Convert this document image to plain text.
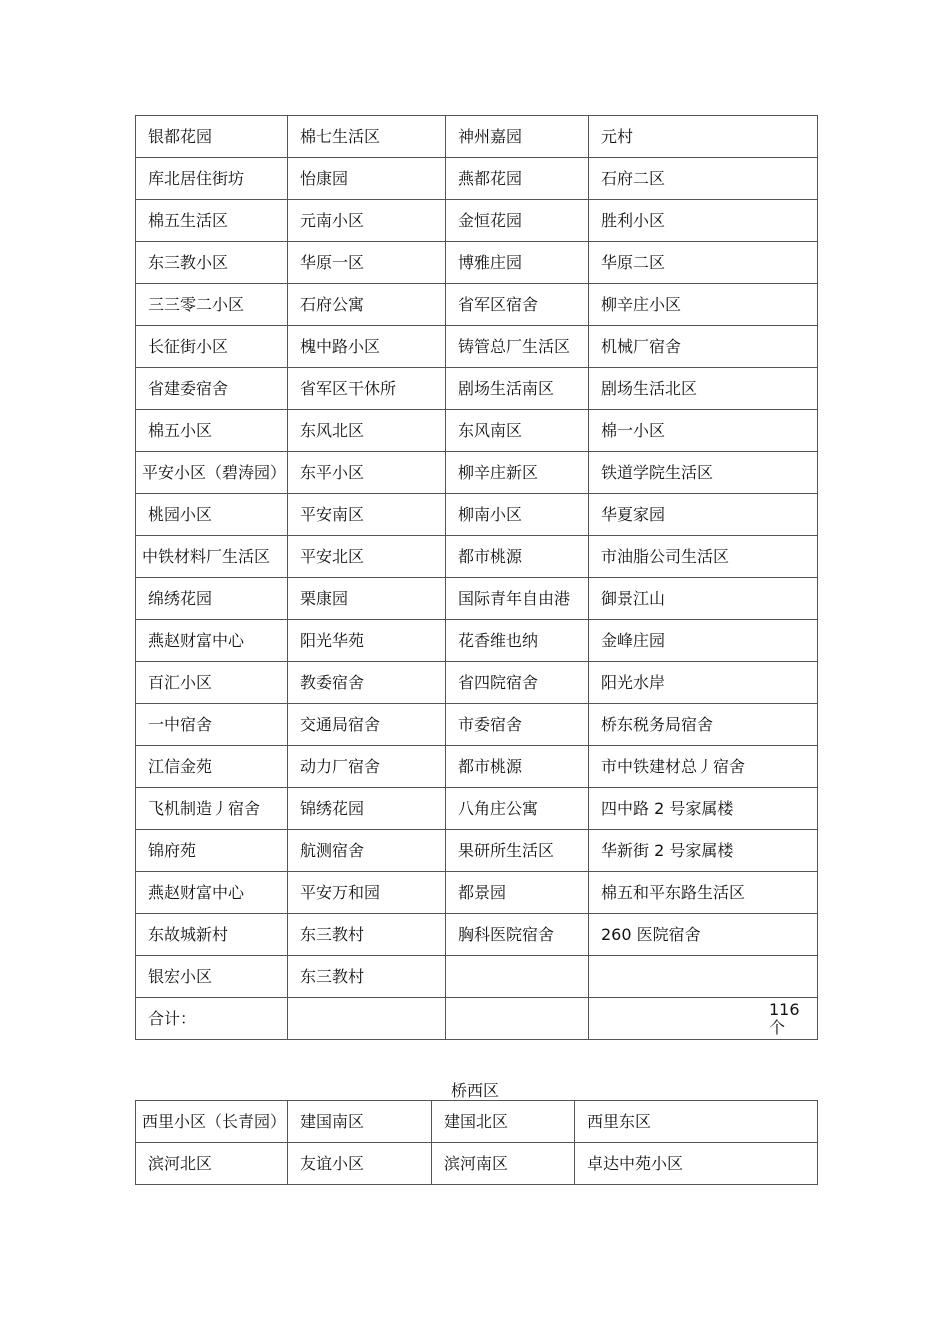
银都花园	棉七生活区	神州嘉园	元村
库北居住街坊	怡康园	燕都花园	石府二区
棉五生活区	元南小区	金恒花园	胜利小区
东三教小区	华原一区	博雅庄园	华原二区
三三零二小区	石府公寓	省军区宿舍	柳辛庄小区
长征街小区	槐中路小区	铸管总厂生活区	机械厂宿舍
省建委宿舍	省军区干休所	剧场生活南区	剧场生活北区
棉五小区	东风北区	东风南区	棉一小区
平安小区（碧涛园）	东平小区	柳辛庄新区	铁道学院生活区
桃园小区	平安南区	柳南小区	华夏家园
中铁材料厂生活区	平安北区	都市桃源	市油脂公司生活区
绵绣花园	栗康园	国际青年自由港	御景江山
燕赵财富中心	阳光华苑	花香维也纳	金峰庄园
百汇小区	教委宿舍	省四院宿舍	阳光水岸
一中宿舍	交通局宿舍	市委宿舍	桥东税务局宿舍
江信金苑	动力厂宿舍	都市桃源	市中铁建材总丿宿舍
飞机制造丿宿舍	锦绣花园	八角庄公寓	四中路 2 号家属楼
锦府苑	航测宿舍	果研所生活区	华新街 2 号家属楼
燕赵财富中心	平安万和园	都景园	棉五和平东路生活区
东故城新村	东三教村	胸科医院宿舍	260 医院宿舍
银宏小区	东三教村		
合计：			116 个
桥西区
西里小区（长青园）	建国南区	建国北区	西里东区
滨河北区	友谊小区	滨河南区	卓达中苑小区
